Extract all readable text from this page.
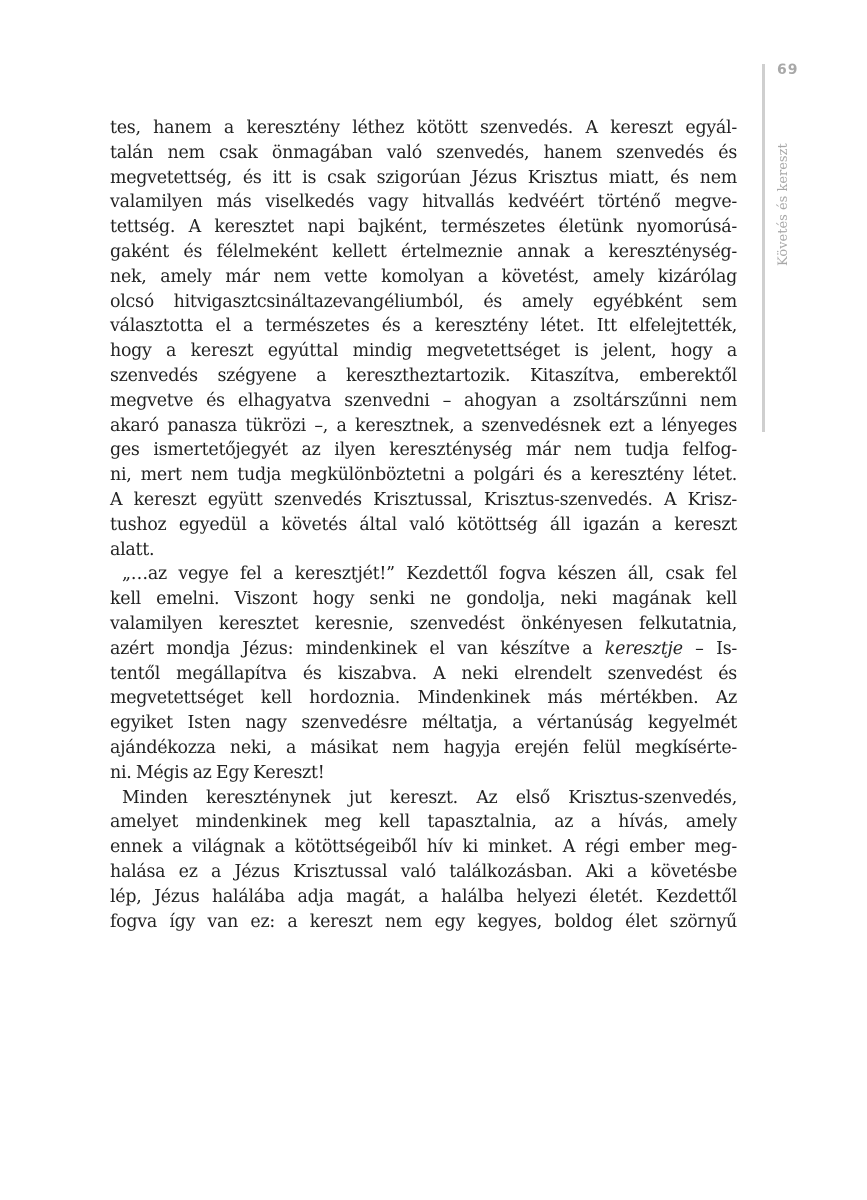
69
Követés és kereszt
tes, hanem a keresztény léthez kötött szenvedés. A kereszt egyál-
talán nem csak önmagában való szenvedés, hanem szenvedés és
megvetettség, és itt is csak szigorúan Jézus Krisztus miatt, és nem
valamilyen más viselkedés vagy hitvallás kedvéért történő megve-
tettség. A keresztet napi bajként, természetes életünk nyomorúsá-
gaként és félelmeként kellett értelmeznie annak a kereszténység-
nek, amely már nem vette komolyan a követést, amely kizárólag
olcsó hitvigasztcsináltazevangéliumból, és amely egyébként sem
választotta el a természetes és a keresztény létet. Itt elfelejtették,
hogy a kereszt egyúttal mindig megvetettséget is jelent, hogy a
szenvedés szégyene a keresztheztartozik. Kitaszítva, emberektől
megvetve és elhagyatva szenvedni – ahogyan a zsoltárszűnni nem
akaró panasza tükrözi –, a keresztnek, a szenvedésnek ezt a lényeges
ges ismertetőjegyét az ilyen kereszténység már nem tudja felfog-
ni, mert nem tudja megkülönböztetni a polgári és a keresztény létet.
A kereszt együtt szenvedés Krisztussal, Krisztus-szenvedés. A Krisz-
tushoz egyedül a követés által való kötöttség áll igazán a kereszt
alatt.
„…az vegye fel a keresztjét!” Kezdettől fogva készen áll, csak fel
kell emelni. Viszont hogy senki ne gondolja, neki magának kell
valamilyen keresztet keresnie, szenvedést önkényesen felkutatnia,
azért mondja Jézus: mindenkinek el van készítve a keresztje – Is-
tentől megállapítva és kiszabva. A neki elrendelt szenvedést és
megvetettséget kell hordoznia. Mindenkinek más mértékben. Az
egyiket Isten nagy szenvedésre méltatja, a vértanúság kegyelmét
ajándékozza neki, a másikat nem hagyja erején felül megkísérte-
ni. Mégis az Egy Kereszt!
Minden kereszténynek jut kereszt. Az első Krisztus-szenvedés,
amelyet mindenkinek meg kell tapasztalnia, az a hívás, amely
ennek a világnak a kötöttségeiből hív ki minket. A régi ember meg-
halása ez a Jézus Krisztussal való találkozásban. Aki a követésbe
lép, Jézus halálába adja magát, a halálba helyezi életét. Kezdettől
fogva így van ez: a kereszt nem egy kegyes, boldog élet szörnyű
